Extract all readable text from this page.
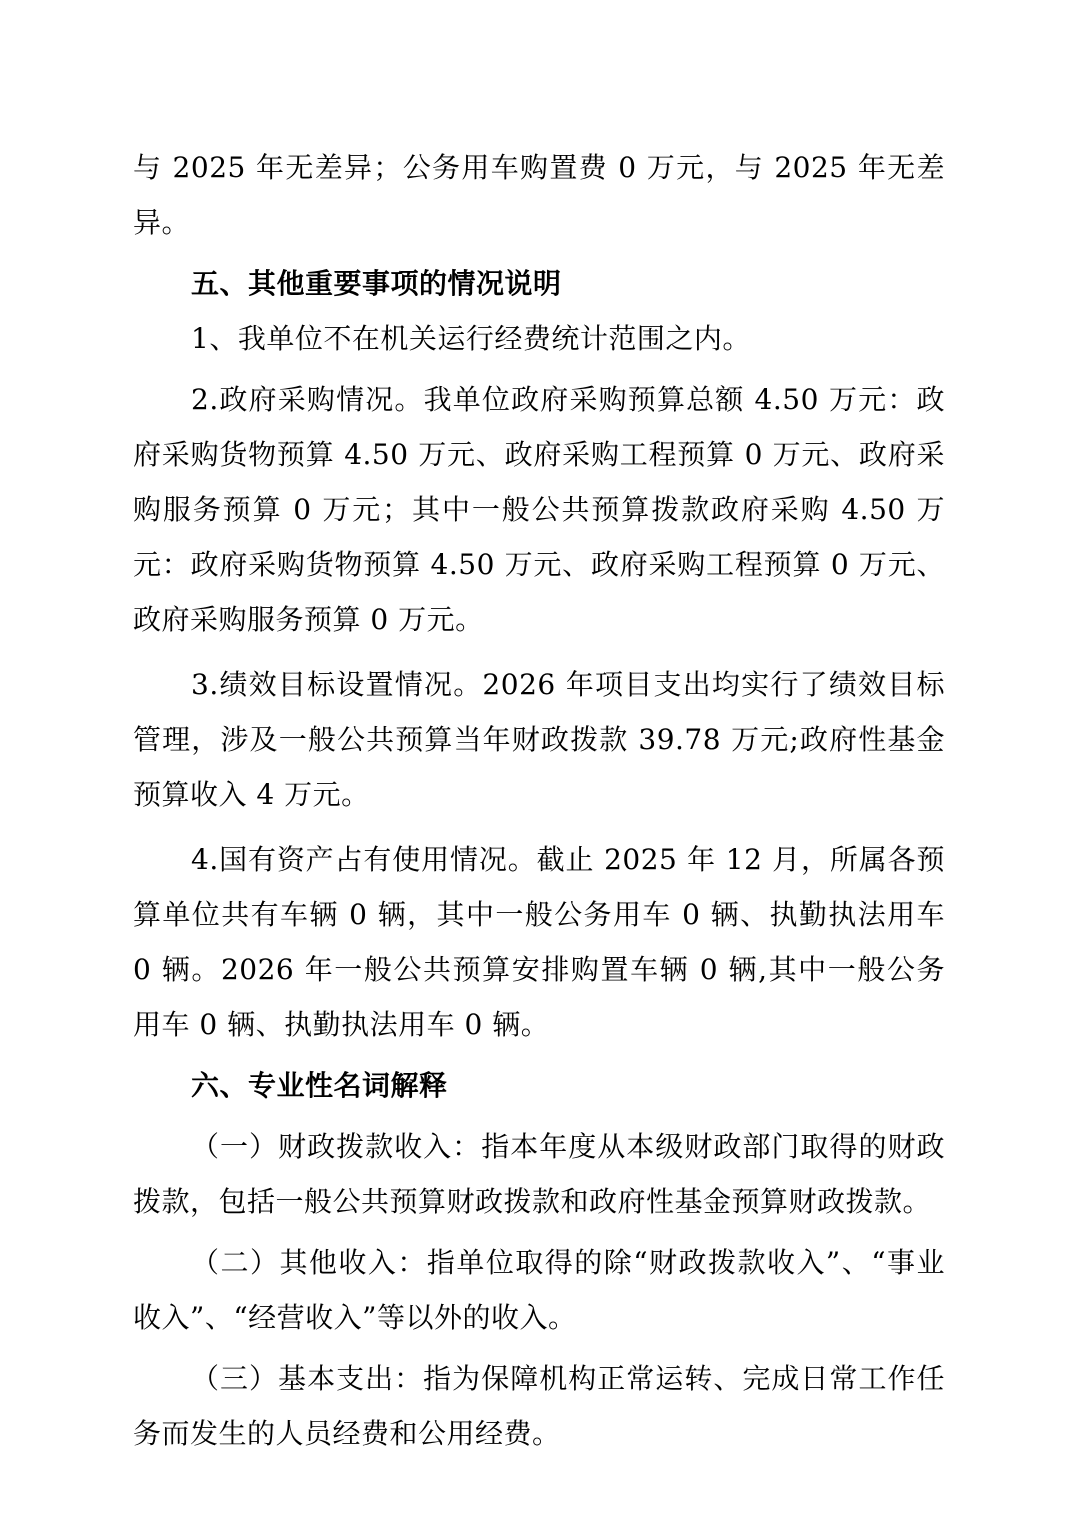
与 2025 年无差异；公务用车购置费 0 万元，与 2025 年无差异。

五、其他重要事项的情况说明

1、我单位不在机关运行经费统计范围之内。

2.政府采购情况。我单位政府采购预算总额 4.50 万元：政府采购货物预算 4.50 万元、政府采购工程预算 0 万元、政府采购服务预算 0 万元；其中一般公共预算拨款政府采购 4.50 万元：政府采购货物预算 4.50 万元、政府采购工程预算 0 万元、政府采购服务预算 0 万元。

3.绩效目标设置情况。2026 年项目支出均实行了绩效目标管理，涉及一般公共预算当年财政拨款 39.78 万元;政府性基金预算收入 4 万元。

4.国有资产占有使用情况。截止 2025 年 12 月，所属各预算单位共有车辆 0 辆，其中一般公务用车 0 辆、执勤执法用车 0 辆。2026 年一般公共预算安排购置车辆 0 辆,其中一般公务用车 0 辆、执勤执法用车 0 辆。

六、专业性名词解释

（一）财政拨款收入：指本年度从本级财政部门取得的财政拨款，包括一般公共预算财政拨款和政府性基金预算财政拨款。

（二）其他收入：指单位取得的除“财政拨款收入”、“事业收入”、“经营收入”等以外的收入。

（三）基本支出：指为保障机构正常运转、完成日常工作任务而发生的人员经费和公用经费。
